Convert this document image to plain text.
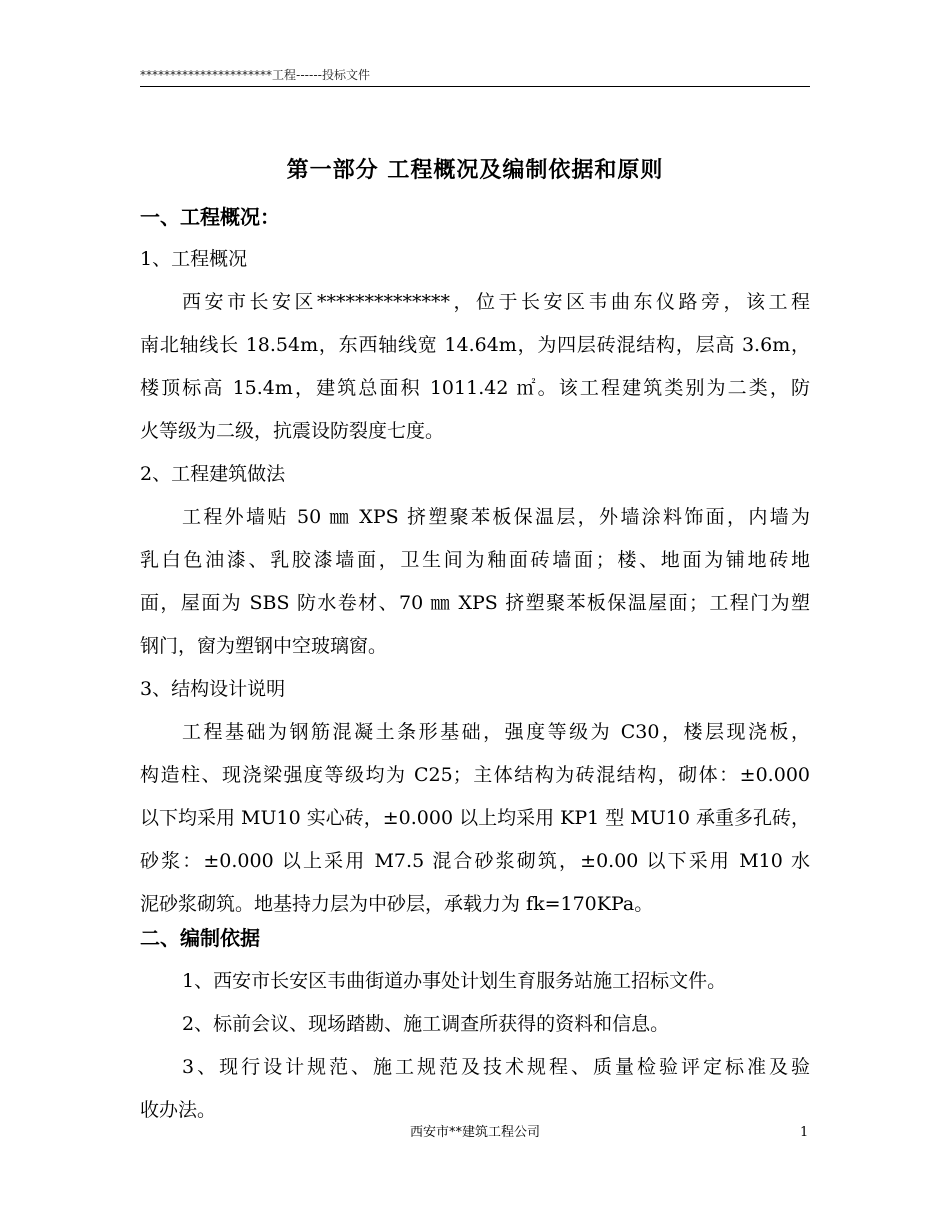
**********************工程------投标文件
第一部分 工程概况及编制依据和原则
一、工程概况：
1、工程概况
西安市长安区**************，位于长安区韦曲东仪路旁，该工程
南北轴线长 18.54m，东西轴线宽 14.64m，为四层砖混结构，层高 3.6m，
楼顶标高 15.4m，建筑总面积 1011.42 ㎡。该工程建筑类别为二类，防
火等级为二级，抗震设防裂度七度。
2、工程建筑做法
工程外墙贴 50 ㎜ XPS 挤塑聚苯板保温层，外墙涂料饰面，内墙为
乳白色油漆、乳胶漆墙面，卫生间为釉面砖墙面；楼、地面为铺地砖地
面，屋面为 SBS 防水卷材、70 ㎜ XPS 挤塑聚苯板保温屋面；工程门为塑
钢门，窗为塑钢中空玻璃窗。
3、结构设计说明
工程基础为钢筋混凝土条形基础，强度等级为 C30，楼层现浇板，
构造柱、现浇梁强度等级均为 C25；主体结构为砖混结构，砌体：±0.000
以下均采用 MU10 实心砖，±0.000 以上均采用 KP1 型 MU10 承重多孔砖，
砂浆：±0.000 以上采用 M7.5 混合砂浆砌筑，±0.00 以下采用 M10 水
泥砂浆砌筑。地基持力层为中砂层，承载力为 fk=170KPa。
二、编制依据
1、西安市长安区韦曲街道办事处计划生育服务站施工招标文件。
2、标前会议、现场踏勘、施工调查所获得的资料和信息。
3、现行设计规范、施工规范及技术规程、质量检验评定标准及验
收办法。
西安市**建筑工程公司	1
